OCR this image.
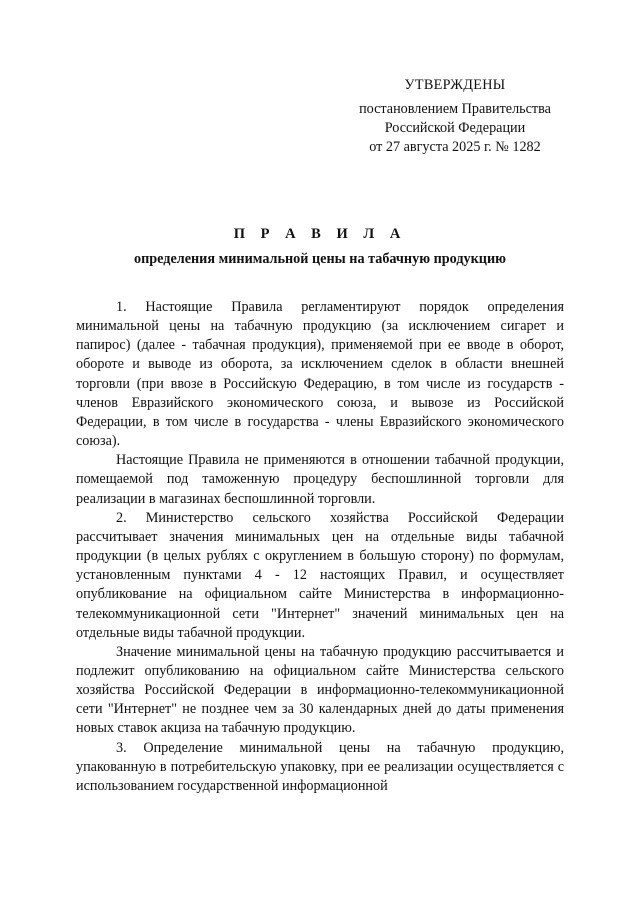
УТВЕРЖДЕНЫ
постановлением Правительства
Российской Федерации
от 27 августа 2025 г. № 1282
П Р А В И Л А
определения минимальной цены на табачную продукцию

1. Настоящие Правила регламентируют порядок определения минимальной цены на табачную продукцию (за исключением сигарет и папирос) (далее - табачная продукция), применяемой при ее вводе в оборот, обороте и выводе из оборота, за исключением сделок в области внешней торговли (при ввозе в Российскую Федерацию, в том числе из государств - членов Евразийского экономического союза, и вывозе из Российской Федерации, в том числе в государства - члены Евразийского экономического союза).

Настоящие Правила не применяются в отношении табачной продукции, помещаемой под таможенную процедуру беспошлинной торговли для реализации в магазинах беспошлинной торговли.

2. Министерство сельского хозяйства Российской Федерации рассчитывает значения минимальных цен на отдельные виды табачной продукции (в целых рублях с округлением в большую сторону) по формулам, установленным пунктами 4 - 12 настоящих Правил, и осуществляет опубликование на официальном сайте Министерства в информационно-телекоммуникационной сети "Интернет" значений минимальных цен на отдельные виды табачной продукции.

Значение минимальной цены на табачную продукцию рассчитывается и подлежит опубликованию на официальном сайте Министерства сельского хозяйства Российской Федерации в информационно-телекоммуникационной сети "Интернет" не позднее чем за 30 календарных дней до даты применения новых ставок акциза на табачную продукцию.

3. Определение минимальной цены на табачную продукцию, упакованную в потребительскую упаковку, при ее реализации осуществляется с использованием государственной информационной
